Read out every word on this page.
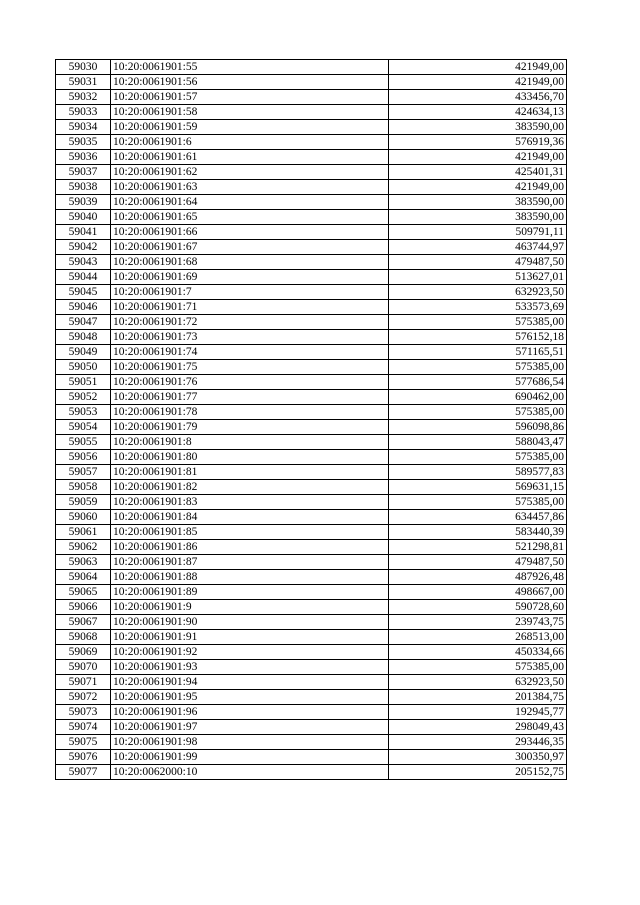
59030	10:20:0061901:55	421949,00
59031	10:20:0061901:56	421949,00
59032	10:20:0061901:57	433456,70
59033	10:20:0061901:58	424634,13
59034	10:20:0061901:59	383590,00
59035	10:20:0061901:6	576919,36
59036	10:20:0061901:61	421949,00
59037	10:20:0061901:62	425401,31
59038	10:20:0061901:63	421949,00
59039	10:20:0061901:64	383590,00
59040	10:20:0061901:65	383590,00
59041	10:20:0061901:66	509791,11
59042	10:20:0061901:67	463744,97
59043	10:20:0061901:68	479487,50
59044	10:20:0061901:69	513627,01
59045	10:20:0061901:7	632923,50
59046	10:20:0061901:71	533573,69
59047	10:20:0061901:72	575385,00
59048	10:20:0061901:73	576152,18
59049	10:20:0061901:74	571165,51
59050	10:20:0061901:75	575385,00
59051	10:20:0061901:76	577686,54
59052	10:20:0061901:77	690462,00
59053	10:20:0061901:78	575385,00
59054	10:20:0061901:79	596098,86
59055	10:20:0061901:8	588043,47
59056	10:20:0061901:80	575385,00
59057	10:20:0061901:81	589577,83
59058	10:20:0061901:82	569631,15
59059	10:20:0061901:83	575385,00
59060	10:20:0061901:84	634457,86
59061	10:20:0061901:85	583440,39
59062	10:20:0061901:86	521298,81
59063	10:20:0061901:87	479487,50
59064	10:20:0061901:88	487926,48
59065	10:20:0061901:89	498667,00
59066	10:20:0061901:9	590728,60
59067	10:20:0061901:90	239743,75
59068	10:20:0061901:91	268513,00
59069	10:20:0061901:92	450334,66
59070	10:20:0061901:93	575385,00
59071	10:20:0061901:94	632923,50
59072	10:20:0061901:95	201384,75
59073	10:20:0061901:96	192945,77
59074	10:20:0061901:97	298049,43
59075	10:20:0061901:98	293446,35
59076	10:20:0061901:99	300350,97
59077	10:20:0062000:10	205152,75
